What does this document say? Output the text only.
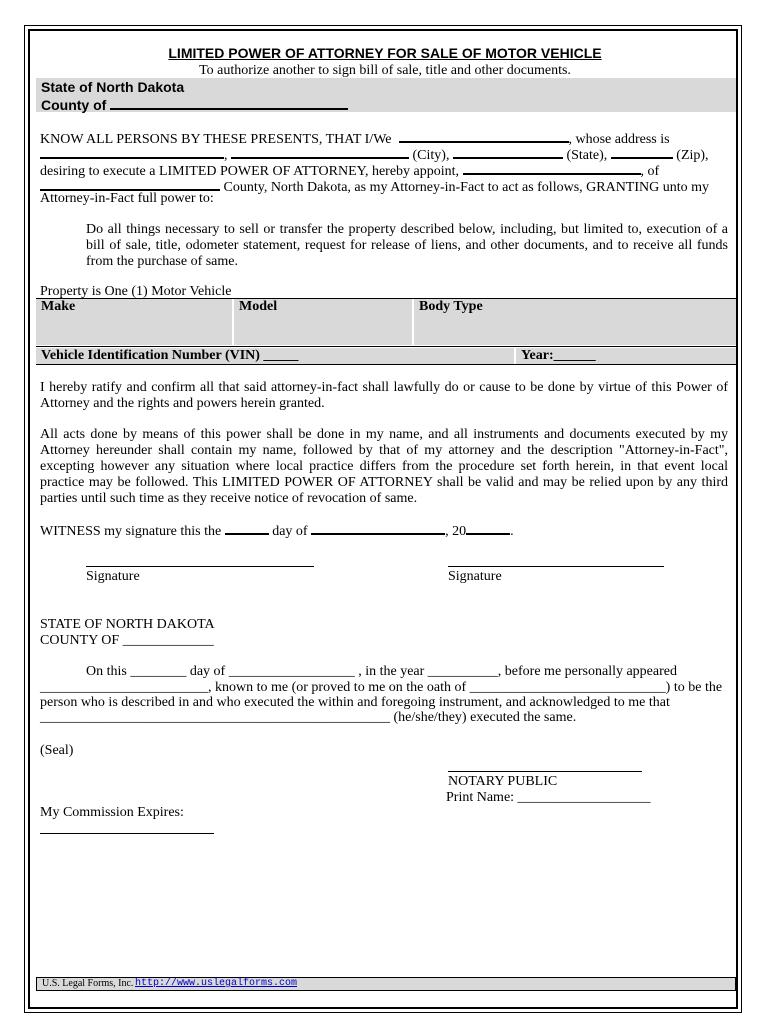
LIMITED POWER OF ATTORNEY FOR SALE OF MOTOR VEHICLE
To authorize another to sign bill of sale, title and other documents.
State of North Dakota
County of
KNOW ALL PERSONS BY THESE PRESENTS, THAT I/We	, whose address is
,	(City),	(State),	(Zip),
desiring to execute a LIMITED POWER OF ATTORNEY, hereby appoint,	, of
County, North Dakota, as my Attorney-in-Fact to act as follows, GRANTING unto my
Attorney-in-Fact full power to:
Do all things necessary to sell or transfer the property described below, including, but limited to, execution of a bill of sale, title, odometer statement, request for release of liens, and other documents, and to receive all funds from the purchase of same.
Property is One (1) Motor Vehicle
Make	Model	Body Type
Vehicle Identification Number (VIN) _____	Year:______
I hereby ratify and confirm all that said attorney-in-fact shall lawfully do or cause to be done by virtue of this Power of Attorney and the rights and powers herein granted.
All acts done by means of this power shall be done in my name, and all instruments and documents executed by my Attorney hereunder shall contain my name, followed by that of my attorney and the description "Attorney-in-Fact", excepting however any situation where local practice differs from the procedure set forth herein, in that event local practice may be followed. This LIMITED POWER OF ATTORNEY shall be valid and may be relied upon by any third parties until such time as they receive notice of revocation of same.
WITNESS my signature this the	day of	, 20	.
Signature	Signature
STATE OF NORTH DAKOTA
COUNTY OF _____________
On this ________ day of __________________ , in the year __________, before me personally appeared
________________________, known to me (or proved to me on the oath of ____________________________) to be the
person who is described in and who executed the within and foregoing instrument, and acknowledged to me that
__________________________________________________ (he/she/they) executed the same.
(Seal)
NOTARY PUBLIC
Print Name: ___________________
My Commission Expires:
U.S. Legal Forms, Inc. http://www.uslegalforms.com
